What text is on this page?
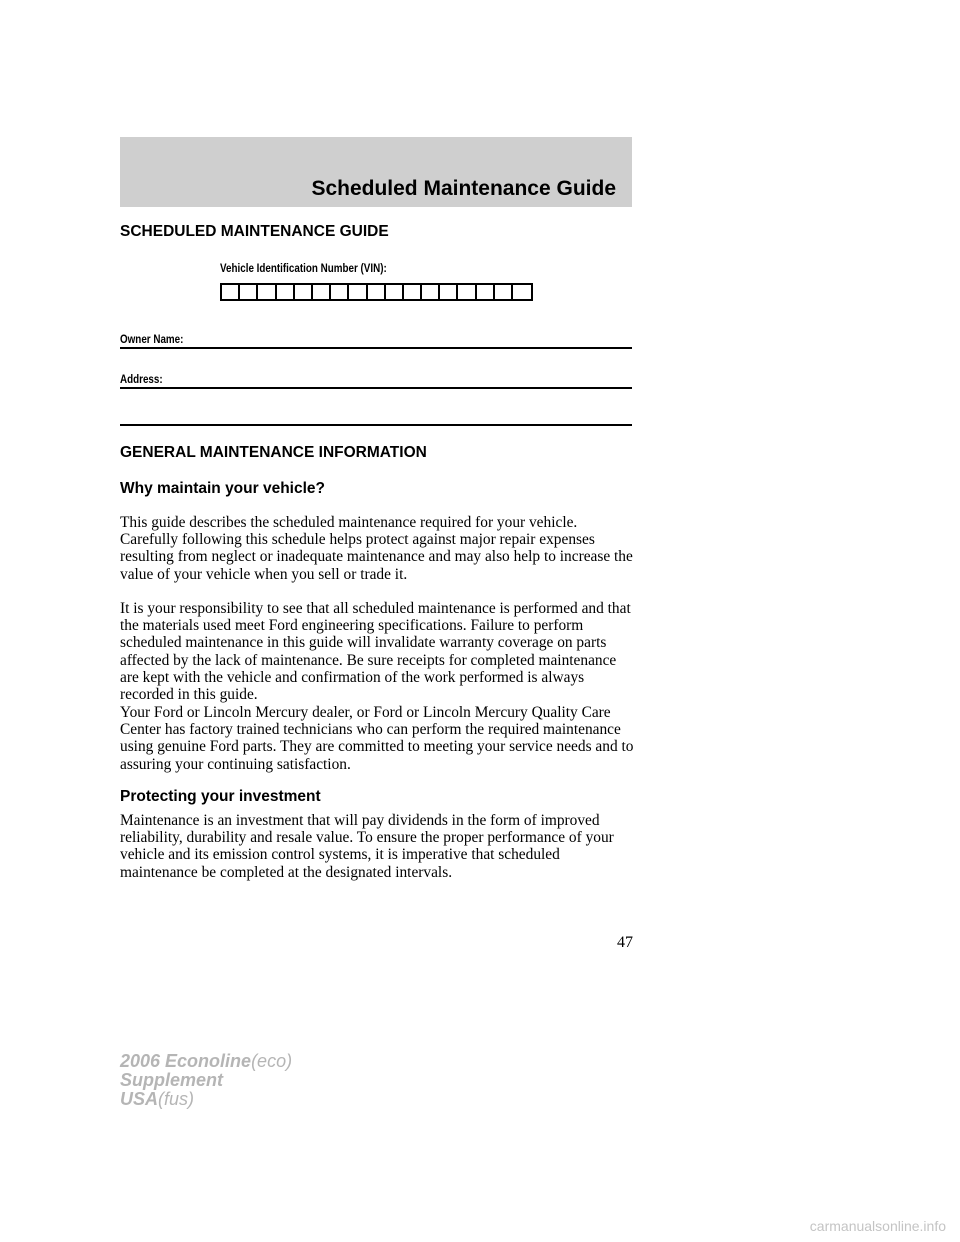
Scheduled Maintenance Guide
SCHEDULED MAINTENANCE GUIDE
Vehicle Identification Number (VIN):
Owner Name:
Address:
GENERAL MAINTENANCE INFORMATION
Why maintain your vehicle?

This guide describes the scheduled maintenance required for your vehicle. Carefully following this schedule helps protect against major repair expenses resulting from neglect or inadequate maintenance and may also help to increase the value of your vehicle when you sell or trade it.

It is your responsibility to see that all scheduled maintenance is performed and that the materials used meet Ford engineering specifications. Failure to perform scheduled maintenance in this guide will invalidate warranty coverage on parts affected by the lack of maintenance. Be sure receipts for completed maintenance are kept with the vehicle and confirmation of the work performed is always recorded in this guide.

Your Ford or Lincoln Mercury dealer, or Ford or Lincoln Mercury Quality Care Center has factory trained technicians who can perform the required maintenance using genuine Ford parts. They are committed to meeting your service needs and to assuring your continuing satisfaction.

Protecting your investment

Maintenance is an investment that will pay dividends in the form of improved reliability, durability and resale value. To ensure the proper performance of your vehicle and its emission control systems, it is imperative that scheduled maintenance be completed at the designated intervals.

47
2006 Econoline(eco)
Supplement
USA(fus)
carmanualsonline.info
